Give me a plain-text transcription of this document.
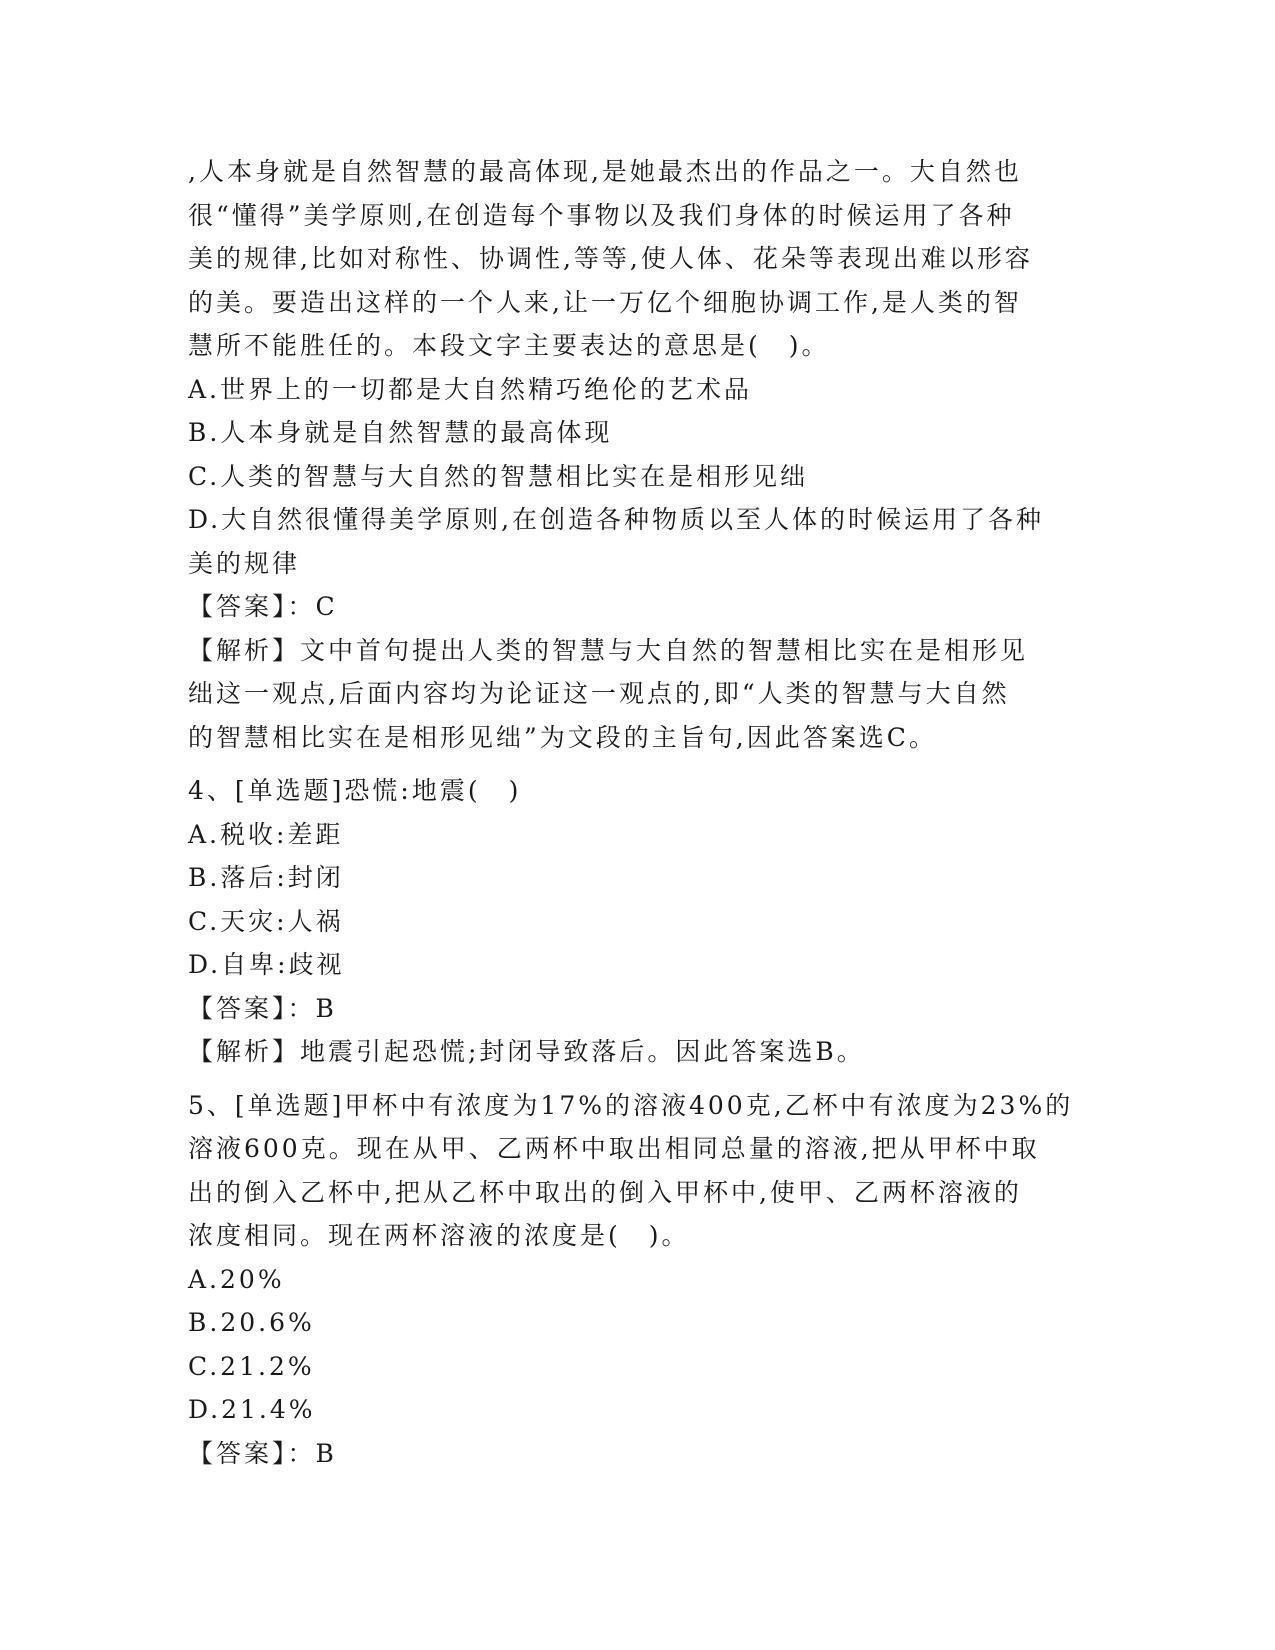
,人本身就是自然智慧的最高体现,是她最杰出的作品之一。大自然也
很“懂得”美学原则,在创造每个事物以及我们身体的时候运用了各种
美的规律,比如对称性、协调性,等等,使人体、花朵等表现出难以形容
的美。要造出这样的一个人来,让一万亿个细胞协调工作,是人类的智
慧所不能胜任的。本段文字主要表达的意思是(　)。
A.世界上的一切都是大自然精巧绝伦的艺术品
B.人本身就是自然智慧的最高体现
C.人类的智慧与大自然的智慧相比实在是相形见绌
D.大自然很懂得美学原则,在创造各种物质以至人体的时候运用了各种
美的规律
【答案】：C
【解析】文中首句提出人类的智慧与大自然的智慧相比实在是相形见
绌这一观点,后面内容均为论证这一观点的,即“人类的智慧与大自然
的智慧相比实在是相形见绌”为文段的主旨句,因此答案选C。
4、[单选题]恐慌:地震(　)
A.税收:差距
B.落后:封闭
C.天灾:人祸
D.自卑:歧视
【答案】：B
【解析】地震引起恐慌;封闭导致落后。因此答案选B。
5、[单选题]甲杯中有浓度为17%的溶液400克,乙杯中有浓度为23%的
溶液600克。现在从甲、乙两杯中取出相同总量的溶液,把从甲杯中取
出的倒入乙杯中,把从乙杯中取出的倒入甲杯中,使甲、乙两杯溶液的
浓度相同。现在两杯溶液的浓度是(　)。
A.20%
B.20.6%
C.21.2%
D.21.4%
【答案】：B
